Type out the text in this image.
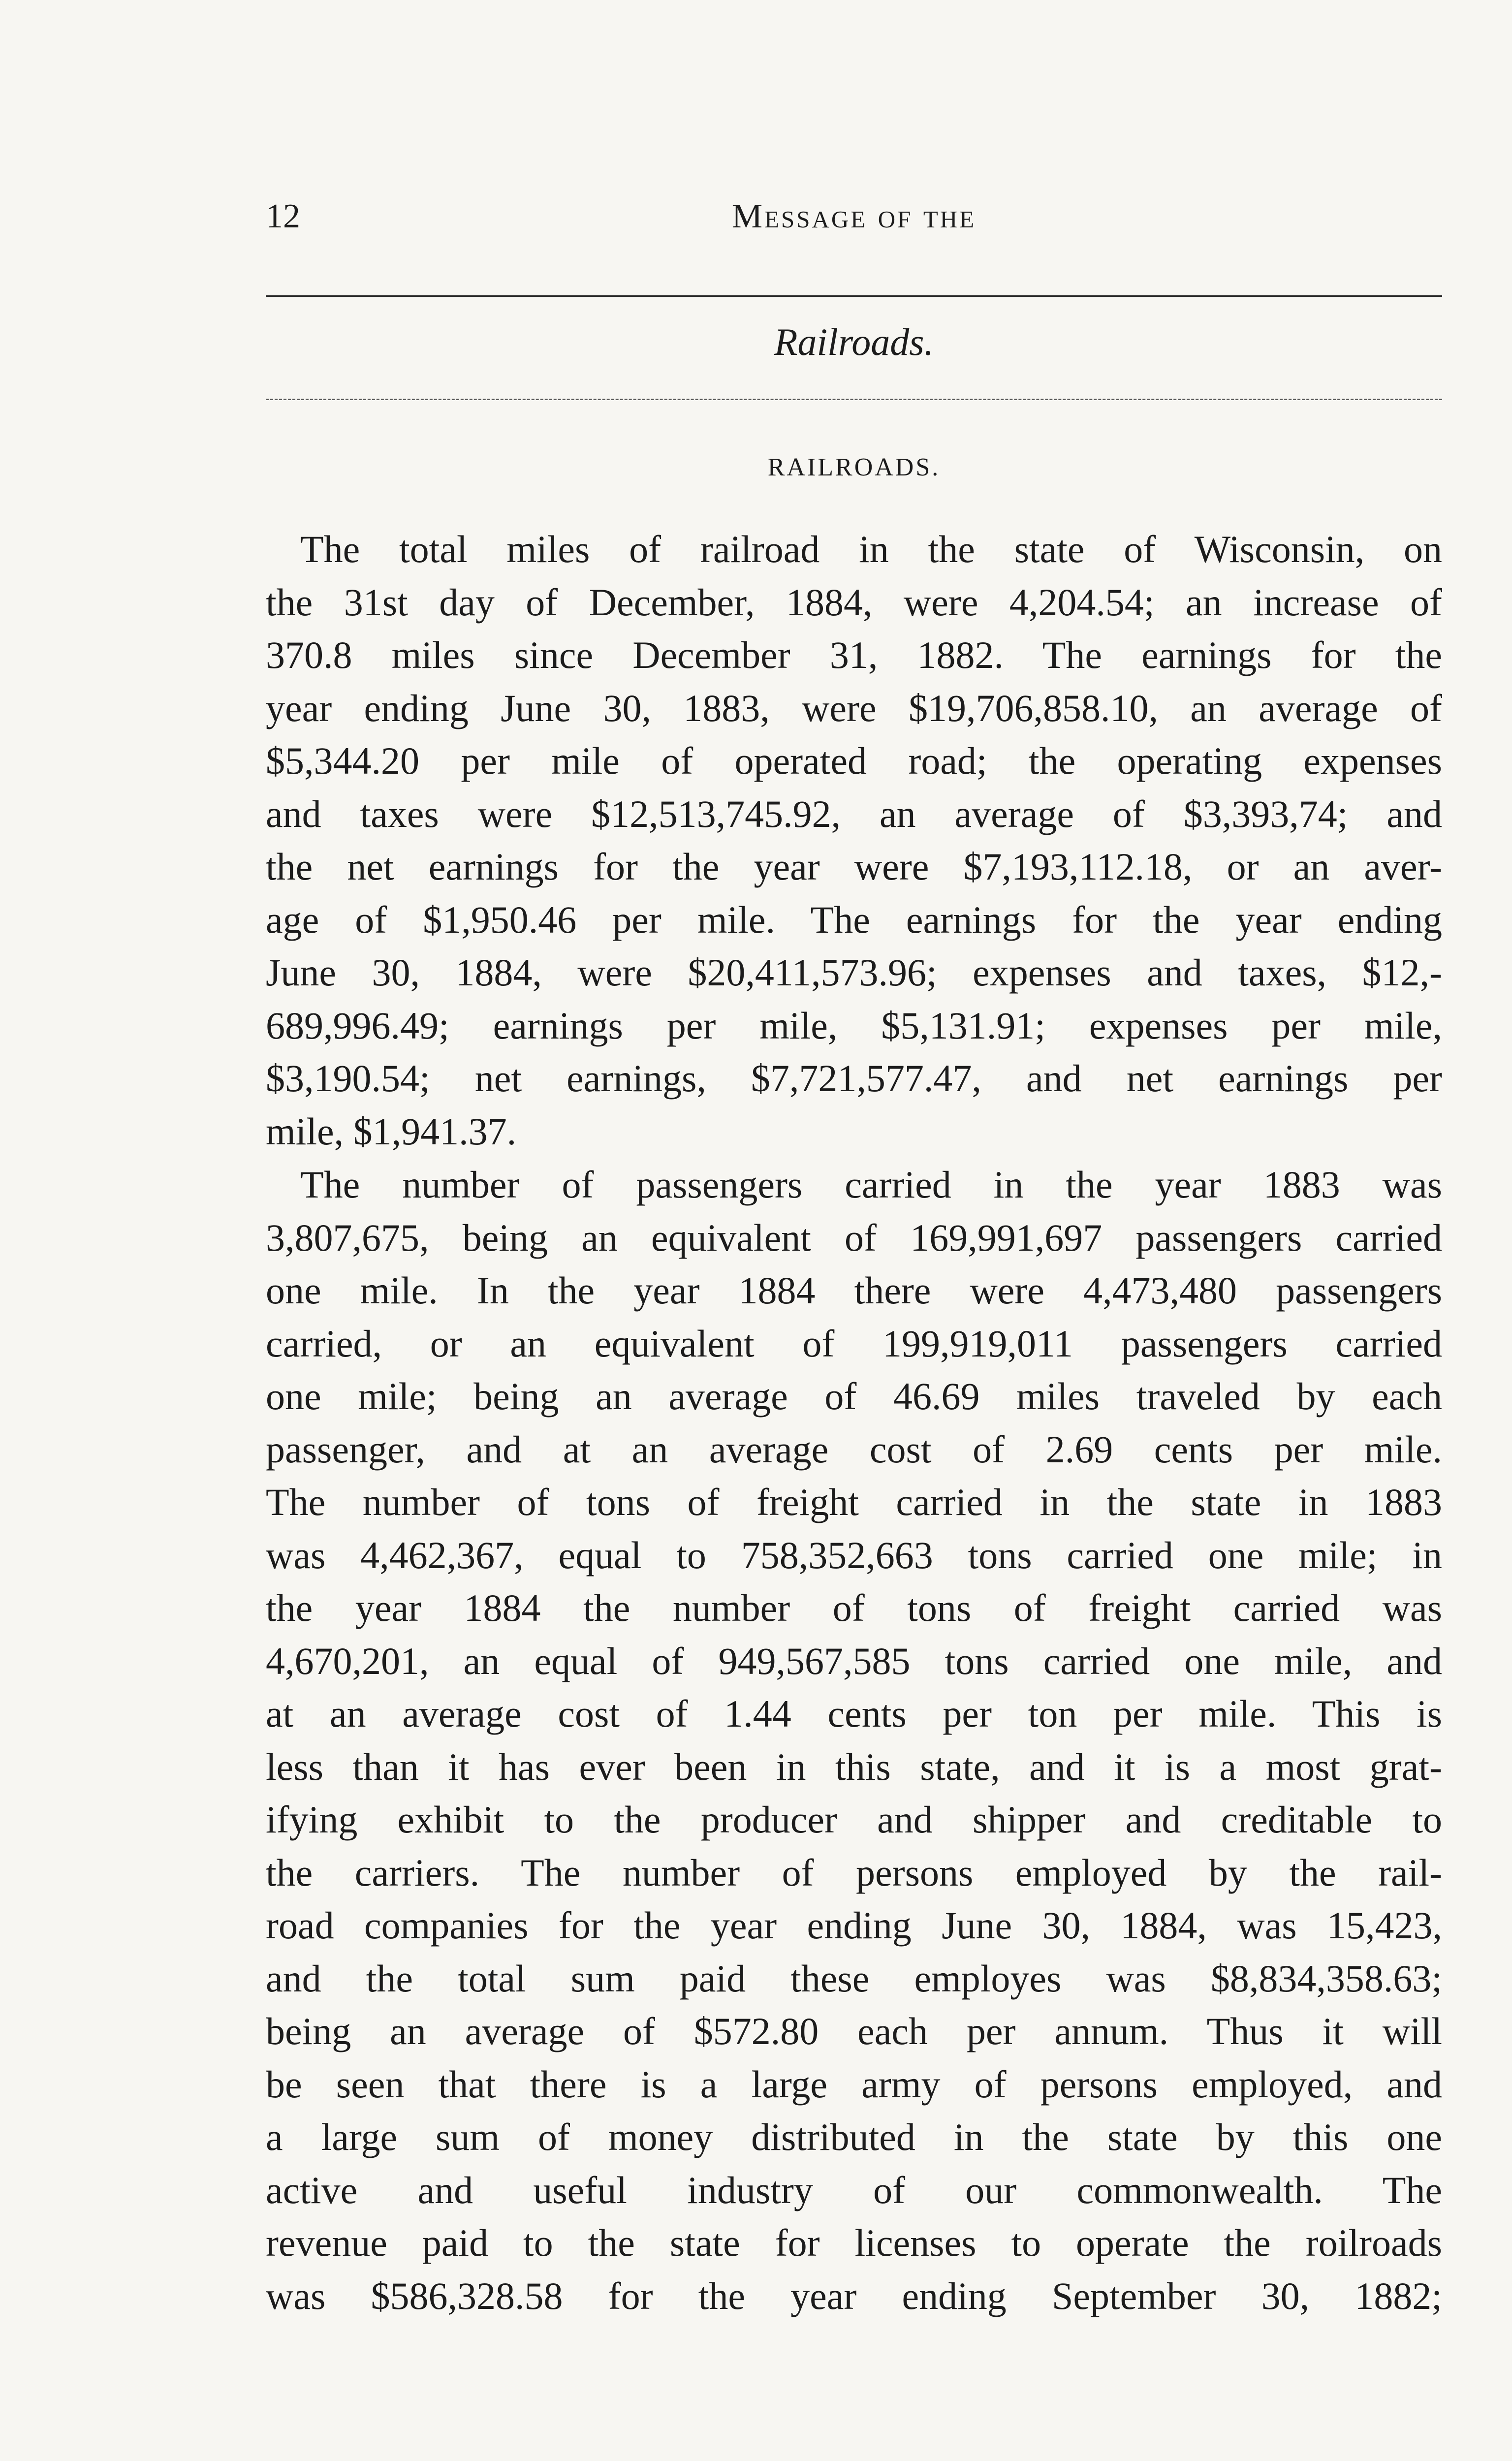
12	Message of the
Railroads.
RAILROADS.
The total miles of railroad in the state of Wisconsin, on
the 31st day of December, 1884, were 4,204.54; an increase of
370.8 miles since December 31, 1882. The earnings for the
year ending June 30, 1883, were $19,706,858.10, an average of
$5,344.20 per mile of operated road; the operating expenses
and taxes were $12,513,745.92, an average of $3,393,74; and
the net earnings for the year were $7,193,112.18, or an aver-
age of $1,950.46 per mile. The earnings for the year ending
June 30, 1884, were $20,411,573.96; expenses and taxes, $12,-
689,996.49; earnings per mile, $5,131.91; expenses per mile,
$3,190.54; net earnings, $7,721,577.47, and net earnings per
mile, $1,941.37.
The number of passengers carried in the year 1883 was
3,807,675, being an equivalent of 169,991,697 passengers carried
one mile. In the year 1884 there were 4,473,480 passengers
carried, or an equivalent of 199,919,011 passengers carried
one mile; being an average of 46.69 miles traveled by each
passenger, and at an average cost of 2.69 cents per mile.
The number of tons of freight carried in the state in 1883
was 4,462,367, equal to 758,352,663 tons carried one mile; in
the year 1884 the number of tons of freight carried was
4,670,201, an equal of 949,567,585 tons carried one mile, and
at an average cost of 1.44 cents per ton per mile. This is
less than it has ever been in this state, and it is a most grat-
ifying exhibit to the producer and shipper and creditable to
the carriers. The number of persons employed by the rail-
road companies for the year ending June 30, 1884, was 15,423,
and the total sum paid these employes was $8,834,358.63;
being an average of $572.80 each per annum. Thus it will
be seen that there is a large army of persons employed, and
a large sum of money distributed in the state by this one
active and useful industry of our commonwealth. The
revenue paid to the state for licenses to operate the roilroads
was $586,328.58 for the year ending September 30, 1882;
